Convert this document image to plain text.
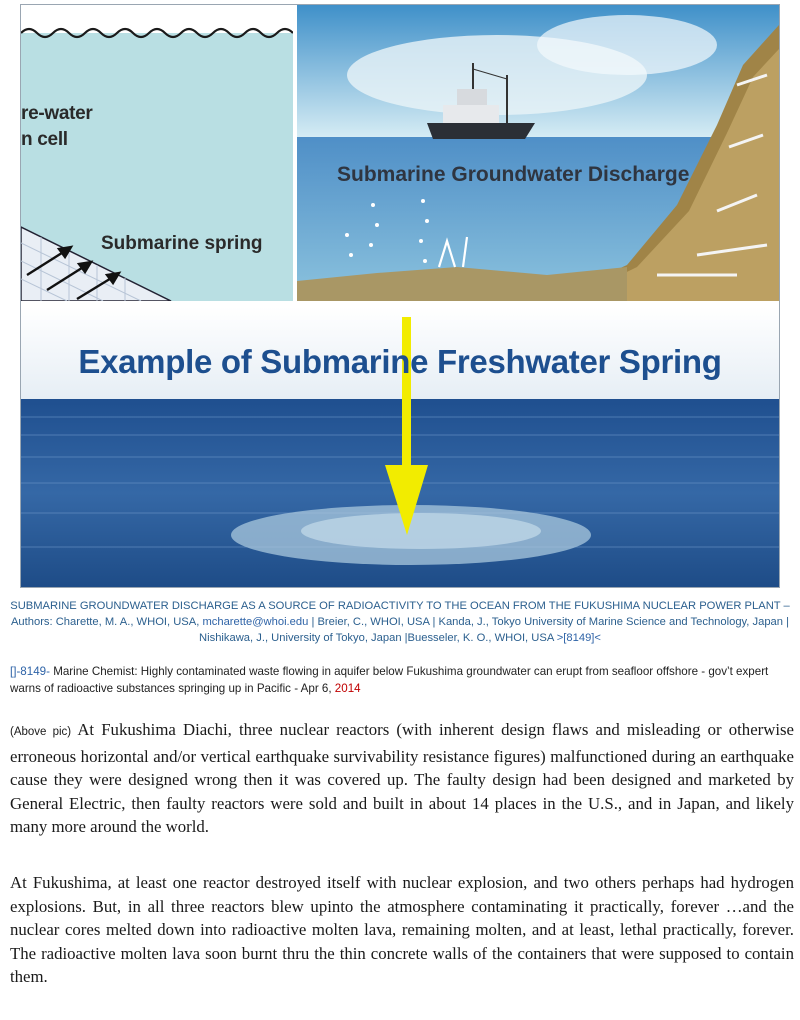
re-water
n cell
Submarine spring
Submarine Groundwater Discharge
Example of Submarine Freshwater Spring
SUBMARINE GROUNDWATER DISCHARGE AS A SOURCE OF RADIOACTIVITY TO THE OCEAN FROM THE FUKUSHIMA NUCLEAR POWER PLANT –
Authors: Charette, M. A., WHOI, USA, mcharette@whoi.edu | Breier, C., WHOI, USA | Kanda, J., Tokyo University of Marine Science and Technology, Japan | Nishikawa, J., University of Tokyo, Japan |Buesseler, K. O., WHOI, USA >[8149]<
[]-8149- Marine Chemist: Highly contaminated waste flowing in aquifer below Fukushima groundwater can erupt from seafloor offshore - gov’t expert warns of radioactive substances springing up in Pacific - Apr 6, 2014

(Above pic) At Fukushima Diachi, three nuclear reactors (with inherent design flaws and misleading or otherwise erroneous horizontal and/or vertical earthquake survivability resistance figures) malfunctioned during an earthquake cause they were designed wrong then it was covered up. The faulty design had been designed and marketed by General Electric, then faulty reactors were sold and built in about 14 places in the U.S., and in Japan, and likely many more around the world.

At Fukushima, at least one reactor destroyed itself with nuclear explosion, and two others perhaps had hydrogen explosions. But, in all three reactors blew upinto the atmosphere contaminating it practically, forever …and the nuclear cores melted down into radioactive molten lava, remaining molten, and at least, lethal practically, forever. The radioactive molten lava soon burnt thru the thin concrete walls of the containers that were supposed to contain them.
